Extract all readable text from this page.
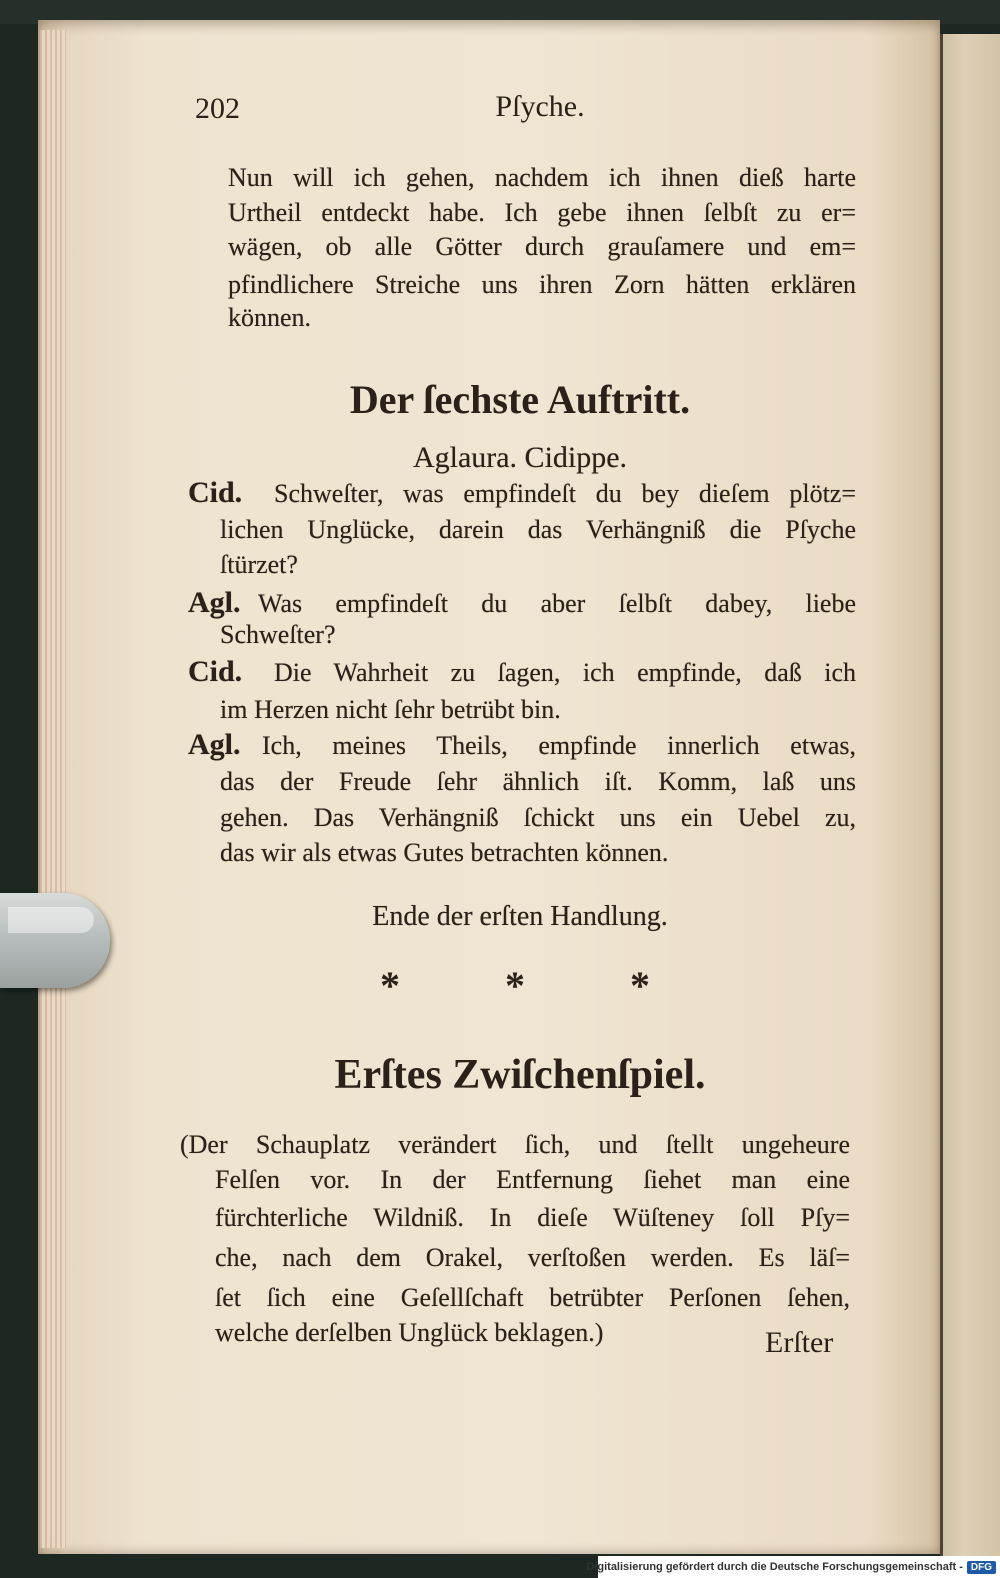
202	Pſyche.
Nun will ich gehen, nachdem ich ihnen dieß harte
Urtheil entdeckt habe. Ich gebe ihnen ſelbſt zu er=
wägen, ob alle Götter durch grauſamere und em=
pfindlichere Streiche uns ihren Zorn hätten erklären
können.
Der ſechste Auftritt.
Aglaura. Cidippe.
Cid.	Schweſter, was empfindeſt du bey dieſem plötz=
lichen Unglücke, darein das Verhängniß die Pſyche
ſtürzet?
Agl. Was empfindeſt du aber ſelbſt dabey, liebe
Schweſter?
Cid.	Die Wahrheit zu ſagen, ich empfinde, daß ich
im Herzen nicht ſehr betrübt bin.
Agl. Ich, meines Theils, empfinde innerlich etwas,
das der Freude ſehr ähnlich iſt. Komm, laß uns
gehen. Das Verhängniß ſchickt uns ein Uebel zu,
das wir als etwas Gutes betrachten können.
Ende der erſten Handlung.
*	*	*
Erſtes Zwiſchenſpiel.
(Der Schauplatz verändert ſich, und ſtellt ungeheure
Felſen vor. In der Entfernung ſiehet man eine
fürchterliche Wildniß. In dieſe Wüſteney ſoll Pſy=
che, nach dem Orakel, verſtoßen werden. Es läſ=
ſet ſich eine Geſellſchaft betrübter Perſonen ſehen,
welche derſelben Unglück beklagen.)	Erſter
Digitalisierung gefördert durch die Deutsche Forschungsgemeinschaft - DFG
